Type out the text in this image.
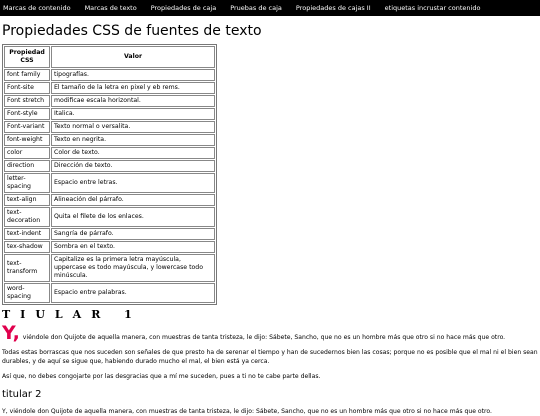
Marcas de contenido Marcas de texto Propiedades de caja Pruebas de caja Propiedades de cajas II etiquetas incrustar contenido
Propiedades CSS de fuentes de texto
Propiedad CSS	Valor
font family	tipografías.
Font-site	El tamaño de la letra en pixel y eb rems.
Font stretch	modificae escala horizontal.
Font-style	Italica.
Font-variant	Texto normal o versalita.
font-weight	Texto en negrita.
color	Color de texto.
direction	Dirección de texto.
letter-spacing	Espacio entre letras.
text-align	Alineación del párrafo.
text-decoration	Quita el filete de los enlaces.
text-indent	Sangría de párrafo.
tex-shadow	Sombra en el texto.
text-transform	Capitalize es la primera letra mayúscula, uppercase es todo mayúscula, y lowercase todo minúscula.
word-spacing	Espacio entre palabras.
TIULAR 1

Y, viéndole don Quijote de aquella manera, con muestras de tanta tristeza, le dijo: Sábete, Sancho, que no es un hombre más que otro si no hace más que otro.

Todas estas borrascas que nos suceden son señales de que presto ha de serenar el tiempo y han de sucedernos bien las cosas; porque no es posible que el mal ni el bien sean durables, y de aquí se sigue que, habiendo durado mucho el mal, el bien está ya cerca.

Así que, no debes congojarte por las desgracias que a mí me suceden, pues a ti no te cabe parte dellas.

titular 2

Y, viéndole don Quijote de aquella manera, con muestras de tanta tristeza, le dijo: Sábete, Sancho, que no es un hombre más que otro si no hace más que otro.
